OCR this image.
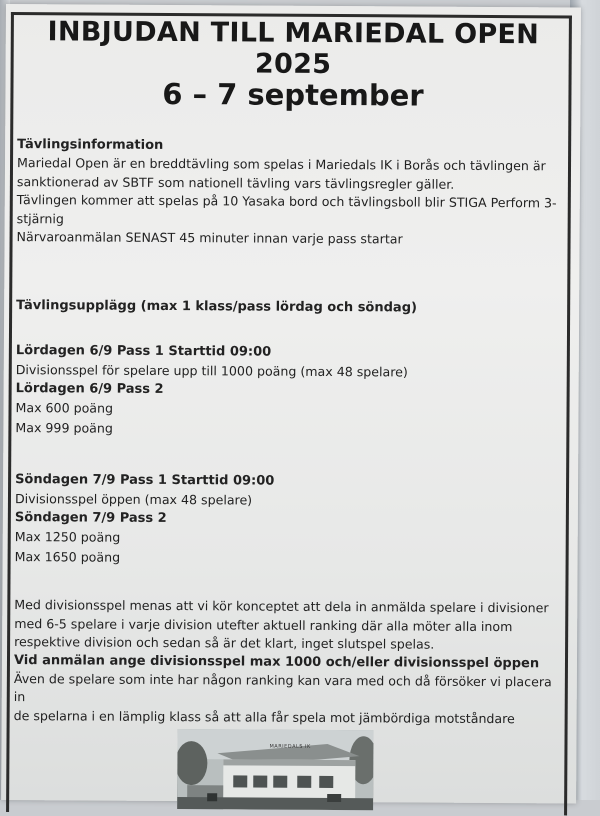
INBJUDAN TILL MARIEDAL OPEN 2025
6 – 7 september

Tävlingsinformation

Mariedal Open är en breddtävling som spelas i Mariedals IK i Borås och tävlingen är

sanktionerad av SBTF som nationell tävling vars tävlingsregler gäller.

Tävlingen kommer att spelas på 10 Yasaka bord och tävlingsboll blir STIGA Perform 3-

stjärnig

Närvaroanmälan SENAST 45 minuter innan varje pass startar

Tävlingsupplägg (max 1 klass/pass lördag och söndag)

Lördagen 6/9 Pass 1 Starttid 09:00

Divisionsspel för spelare upp till 1000 poäng (max 48 spelare)

Lördagen 6/9 Pass 2

Max 600 poäng

Max 999 poäng

Söndagen 7/9 Pass 1 Starttid 09:00

Divisionsspel öppen (max 48 spelare)

Söndagen 7/9 Pass 2

Max 1250 poäng

Max 1650 poäng

Med divisionsspel menas att vi kör konceptet att dela in anmälda spelare i divisioner

med 6-5 spelare i varje division utefter aktuell ranking där alla möter alla inom

respektive division och sedan så är det klart, inget slutspel spelas.

Vid anmälan ange divisionsspel max 1000 och/eller divisionsspel öppen

Även de spelare som inte har någon ranking kan vara med och då försöker vi placera in

de spelarna i en lämplig klass så att alla får spela mot jämbördiga motståndare

MARIEDALS IK
